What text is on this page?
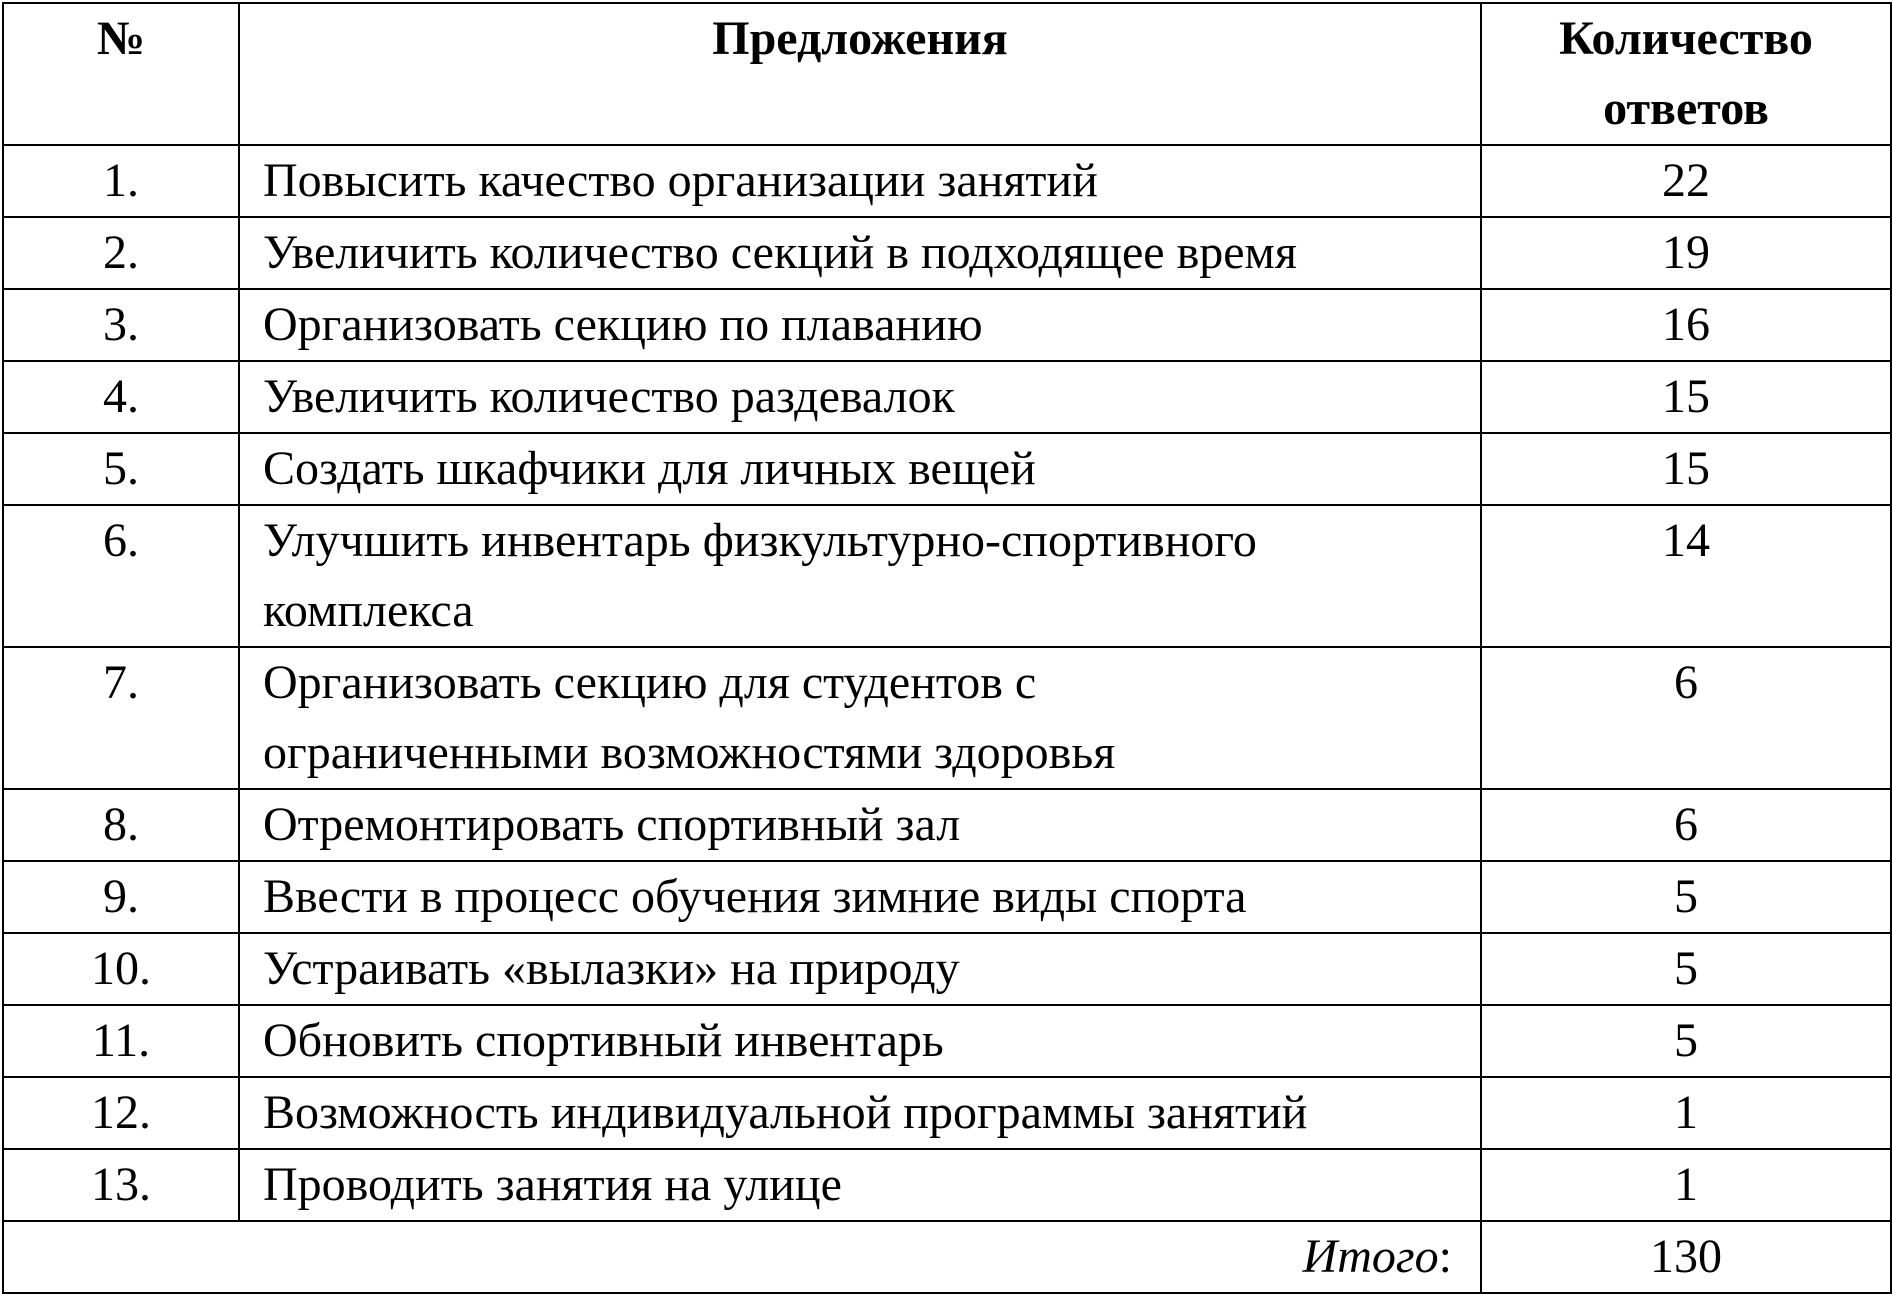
№	Предложения	Количество ответов
1.	Повысить качество организации занятий	22
2.	Увеличить количество секций в подходящее время	19
3.	Организовать секцию по плаванию	16
4.	Увеличить количество раздевалок	15
5.	Создать шкафчики для личных вещей	15
6.	Улучшить инвентарь физкультурно-спортивного комплекса	14
7.	Организовать секцию для студентов с ограниченными возможностями здоровья	6
8.	Отремонтировать спортивный зал	6
9.	Ввести в процесс обучения зимние виды спорта	5
10.	Устраивать «вылазки» на природу	5
11.	Обновить спортивный инвентарь	5
12.	Возможность индивидуальной программы занятий	1
13.	Проводить занятия на улице	1
Итого:		130
